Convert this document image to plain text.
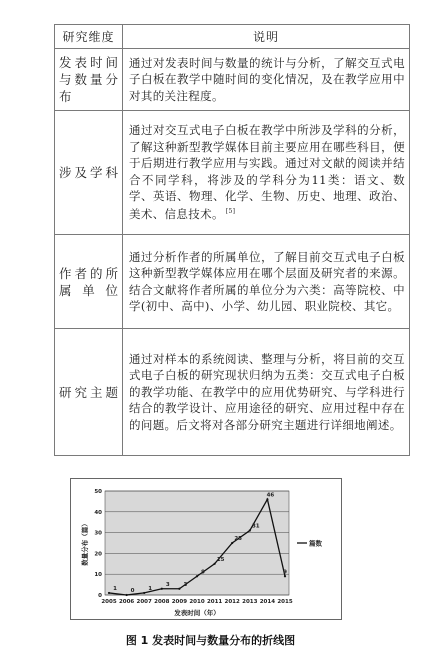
研究维度	说明
发表时间与数量分布	通过对发表时间与数量的统计与分析，了解交互式电子白板在教学中随时间的变化情况，及在教学应用中对其的关注程度。
涉及学科	通过对交互式电子白板在教学中所涉及学科的分析，了解这种新型教学媒体目前主要应用在哪些科目，便于后期进行教学应用与实践。通过对文献的阅读并结合不同学科，将涉及的学科分为11类：语文、数学、英语、物理、化学、生物、历史、地理、政治、美术、信息技术。 [5]
作者的所属单位	通过分析作者的所属单位，了解目前交互式电子白板这种新型教学媒体应用在哪个层面及研究者的来源。结合文献将作者所属的单位分为六类：高等院校、中学(初中、高中)、小学、幼儿园、职业院校、其它。
研究主题	通过对样本的系统阅读、整理与分析，将目前的交互式电子白板的研究现状归纳为五类：交互式电子白板的教学功能、在教学中的应用优势研究、与学科进行结合的教学设计、应用途径的研究、应用过程中存在的问题。后文将对各部分研究主题进行详细地阐述。
0
10
20
30
40
50
2005 2006 2007 2008 2009 2010 2011 2012 2013 2014 2015
1	0	1
3	3
9
15
25
31
46
9
数量分布（篇）
发表时间（年）
篇数
图 1 发表时间与数量分布的折线图
